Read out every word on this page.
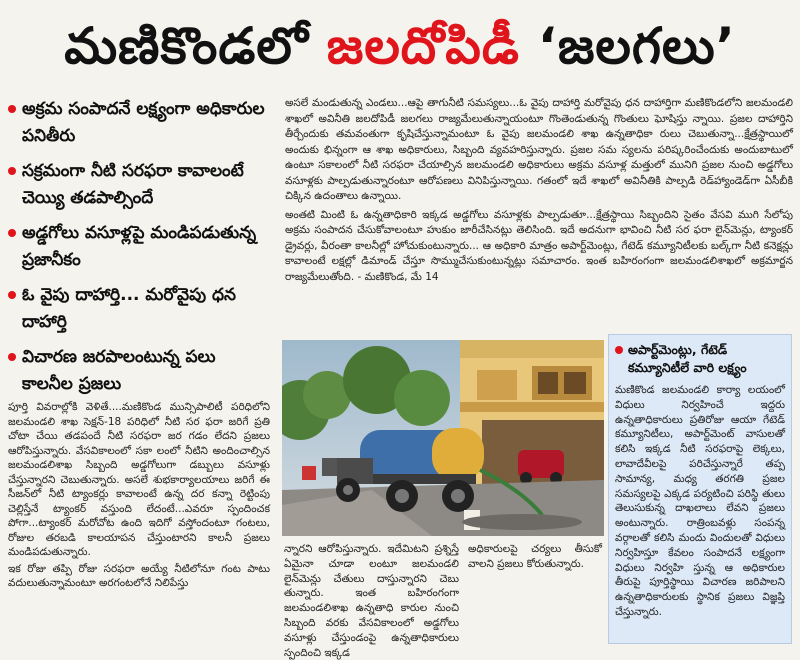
మణికొండలో జలదోపిడీ ‘జలగలు’
అక్రమ సంపాదనే లక్ష్యంగా అధికారుల పనితీరు
సక్రమంగా నీటి సరఫరా కావాలంటే చెయ్యి తడపాల్సిందే
అడ్డగోలు వసూళ్లపై మండిపడుతున్న ప్రజానీకం
ఓ వైపు దాహార్తి... మరోవైపు ధన దాహార్తి
విచారణ జరపాలంటున్న పలు కాలనీల ప్రజలు

పూర్తి వివరాల్లోకి వెళితే....మణికొండ మున్సిపాలిటీ పరిధిలోని జలమండలి శాఖ సెక్షన్-18 పరిధిలో నీటి సర ఫరా జరిగే ప్రతి చోటా చేయి తడపందే నీటి సరఫరా జర గడం లేదని ప్రజలు ఆరోపిస్తున్నారు. వేసవికాలంలో సకా లంలో నీటిని అందించాల్సిన జలమండలిశాఖ సిబ్బంది అడ్డగోలుగా డబ్బులు వసూళ్లు చేస్తున్నారని చెబుతున్నారు. అసలే శుభకార్యాలయాలు జరిగే ఈ సీజన్‌లో నీటి ట్యాంకర్లు కావాలంటే ఉన్న దర కన్నా రెట్టింపు చెల్లిస్తేనే ట్యాంకర్ వస్తుంది లేదంటే...ఎవరూ స్పందించక పోగా...ట్యాంకర్ మరోచోట ఉంది ఇదిగో వస్తోందంటూ గంటలు, రోజుల తరబడి కాలయాపన చేస్తుంటారని కాలనీ ప్రజలు మండిపడుతున్నారు.

ఇక రోజు తప్పి రోజు సరఫరా అయ్యే నీటిలోనూ గంట పాటు వదులుతున్నామంటూ అరగంటలోనే నిలిపేస్తు

అసలే మండుతున్న ఎండలు...ఆపై తాగునీటి సమస్యలు...ఓ వైపు దాహార్తి మరోవైపు ధన దాహార్తిగా మణికొండలోని జలమండలి శాఖలో అవినీతి జలదోపిడీ జలగలు రాజ్యమేలుతున్నాయంటూ గొంతెండుతున్న గొంతులు ఘోషిస్తు న్నాయి. ప్రజల దాహార్తిని తీర్చేందుకు తమవంతుగా కృషిచేస్తున్నామంటూ ఓ వైపు జలమండలి శాఖ ఉన్నతాధికా రులు చెబుతున్నా...క్షేత్రస్థాయిలో అందుకు భిన్నంగా ఆ శాఖ అధికారులు, సిబ్బంది వ్యవహరిస్తున్నారు. ప్రజల సమ స్యలను పరిష్కరించేందుకు అందుబాటులో ఉంటూ సకాలంలో నీటి సరఫరా చేయాల్సిన జలమండలి అధికారులు అక్రమ వసూళ్ల మత్తులో మునిగి ప్రజల నుంచి అడ్డగోలు వసూళ్లకు పాల్పడుతున్నారంటూ ఆరోపణలు వినిపిస్తున్నాయి. గతంలో ఇదే శాఖలో అవినీతికి పాల్పడి రెడ్‌హ్యాండెడ్‌గా ఏసీబీకి చిక్కిన ఉదంతాలు ఉన్నాయి.

అంతటి మింటి ఓ ఉన్నతాధికారి ఇక్కడ అడ్డగోలు వసూళ్లకు పాల్పడుతూ...క్షేత్రస్థాయి సిబ్బందిని సైతం వేసవి ముగి సేలోపు అక్రమ సంపాదన చేసుకోవాలంటూ హుకుం జారీచేసినట్లు తెలిసింది. ఇదే అదనుగా భావించి నీటి సర ఫరా లైన్‌మెన్లు, ట్యాంకర్ డ్రైవర్లు, వీరంతా కాలనీల్లో హోచుకుంటున్నారు... ఆ అధికారి మాత్రం అపార్ట్‌మెంట్లు, గేటెడ్ కమ్యూనిటీలకు బల్క్‌గా నీటి కనెక్షన్లు కావాలంటే లక్షల్లో డిమాండ్ చేస్తూ సొమ్ముచేసుకుంటున్నట్లు సమాచారం. ఇంత బహిరంగంగా జలమండలిశాఖలో అక్రమార్జన రాజ్యమేలుతోంది. - మణికొండ, మే 14

అపార్ట్‌మెంట్లు, గేటెడ్ కమ్యూనిటీలే వారి లక్ష్యం
మణికొండ జలమండలి కార్యా లయంలో విధులు నిర్వహించే ఇద్దరు ఉన్నతాధికారులు ప్రతిరోజు ఆయా గేటెడ్ కమ్యూనిటీలు, అపార్ట్‌మెంట్ వాసులతో కలిసి ఇక్కడ నీటి సరఫరాపై లెక్కలు, లావాదేవీలపై పరిచేస్తున్నారే తప్ప సామాన్య, మధ్య తరగతి ప్రజల సమస్యలపై ఎక్కడ పర్యటించి పరిస్థి తులు తెలుసుకున్న దాఖలాలు లేవని ప్రజలు అంటున్నారు. రాత్రింబవళ్లు సంపన్న వర్గాలతో కలిసి మందు విందులతో విధులు నిర్వహిస్తూ కేవలం సంపాదనే లక్ష్యంగా విధులు నిర్వహి స్తున్న ఆ అధికారుల తీరుపై పూర్తిస్థాయి విచారణ జరిపాలని ఉన్నతాధికారులకు స్థానిక ప్రజలు విజ్ఞప్తి చేస్తున్నారు.
న్నారని ఆరోపిస్తున్నారు. ఇదేమిటని ప్రశ్నిస్తే ఏమైనా చూడా లంటూ జలమండలి లైన్‌మెన్లు చేతులు దాస్తున్నారని చెబు తున్నారు. ఇంత బహిరంగంగా జలమండలిశాఖ ఉన్నతాధి కారుల నుంచి సిబ్బంది వరకు వేసవికాలంలో అడ్డగోలు వసూళ్లు చేస్తుండంపై ఉన్నతాధికారులు స్పందించి ఇక్కడ
అధికారులపై చర్యలు తీసుకో వాలని ప్రజలు కోరుతున్నారు.
